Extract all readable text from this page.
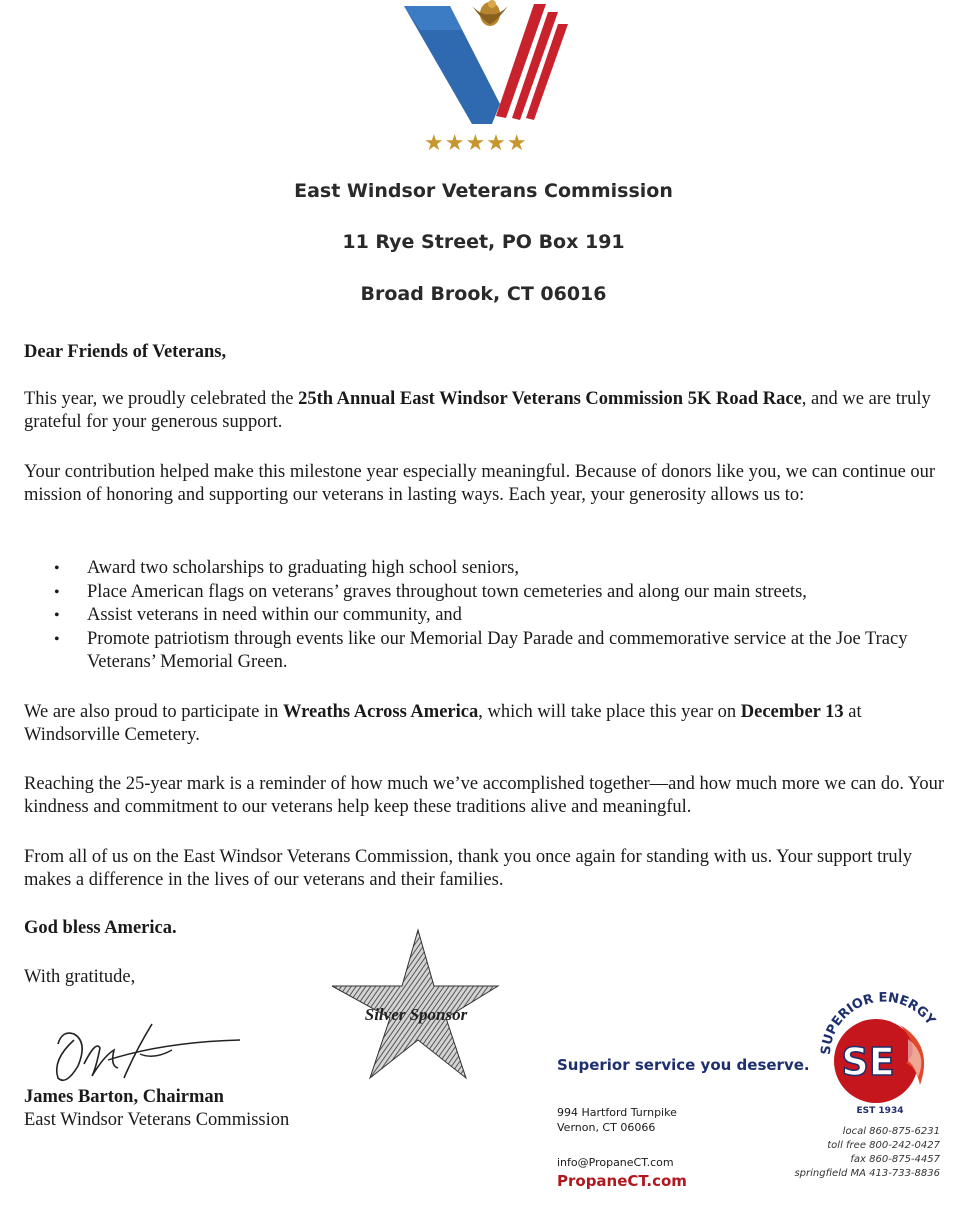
★★★★★
East Windsor Veterans Commission
11 Rye Street, PO Box 191
Broad Brook, CT 06016
Dear Friends of Veterans,

This year, we proudly celebrated the 25th Annual East Windsor Veterans Commission 5K Road Race, and we are truly grateful for your generous support.

Your contribution helped make this milestone year especially meaningful. Because of donors like you, we can continue our mission of honoring and supporting our veterans in lasting ways. Each year, your generosity allows us to:

• Award two scholarships to graduating high school seniors,
• Place American flags on veterans’ graves throughout town cemeteries and along our main streets,
• Assist veterans in need within our community, and
• Promote patriotism through events like our Memorial Day Parade and commemorative service at the Joe Tracy Veterans’ Memorial Green.

We are also proud to participate in Wreaths Across America, which will take place this year on December 13 at Windsorville Cemetery.

Reaching the 25-year mark is a reminder of how much we’ve accomplished together—and how much more we can do. Your kindness and commitment to our veterans help keep these traditions alive and meaningful.

From all of us on the East Windsor Veterans Commission, thank you once again for standing with us. Your support truly makes a difference in the lives of our veterans and their families.

God bless America.
With gratitude,
James Barton, Chairman
East Windsor Veterans Commission
Silver Sponsor
Superior service you deserve.
994 Hartford Turnpike
Vernon, CT 06066
info@PropaneCT.com
PropaneCT.com
SUPERIOR ENERGY
SE
EST 1934
local 860-875-6231
toll free 800-242-0427
fax 860-875-4457
springfield MA 413-733-8836
